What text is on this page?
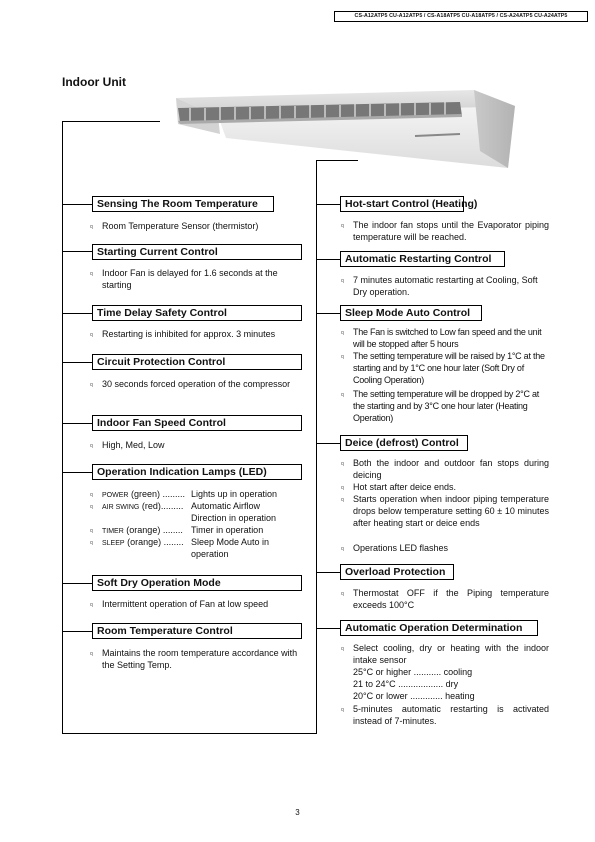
CS-A12ATP5 CU-A12ATP5 / CS-A18ATP5 CU-A18ATP5 / CS-A24ATP5 CU-A24ATP5
Indoor Unit
Sensing The Room Temperature
q Room Temperature Sensor (thermistor)
Starting Current Control
q Indoor Fan is delayed for 1.6 seconds at the starting
Time Delay Safety Control
q Restarting is inhibited for approx. 3 minutes
Circuit Protection Control
q 30 seconds forced operation of the compressor
Indoor Fan Speed Control
q High, Med, Low
Operation Indication Lamps (LED)
q POWER (green) ......... Lights up in operation
q AIR SWING (red)......... Automatic Airflow
Direction in operation
q TIMER (orange) ........ Timer in operation
q SLEEP (orange) ........ Sleep Mode Auto in
operation
Soft Dry Operation Mode
q Intermittent operation of Fan at low speed
Room Temperature Control
q Maintains the room temperature accordance with the Setting Temp.
Hot-start Control (Heating)
q The indoor fan stops until the Evaporator piping temperature will be reached.
Automatic Restarting Control
q 7 minutes automatic restarting at Cooling, Soft Dry operation.
Sleep Mode Auto Control
q The Fan is switched to Low fan speed and the unit will be stopped after 5 hours
q The setting temperature will be raised by 1°C at the starting and by 1°C one hour later (Soft Dry of Cooling Operation)
q The setting temperature will be dropped by 2°C at the starting and by 3°C one hour later (Heating Operation)
Deice (defrost) Control
q Both the indoor and outdoor fan stops during deicing
q Hot start after deice ends.
q Starts operation when indoor piping temperature drops below temperature setting 60 ± 10 minutes after heating start or deice ends
q Operations LED flashes
Overload Protection
q Thermostat OFF if the Piping temperature exceeds 100°C
Automatic Operation Determination
q Select cooling, dry or heating with the indoor intake sensor
25°C or higher ........... cooling
21 to 24°C .................. dry
20°C or lower ............. heating
q 5-minutes automatic restarting is activated instead of 7-minutes.
3
